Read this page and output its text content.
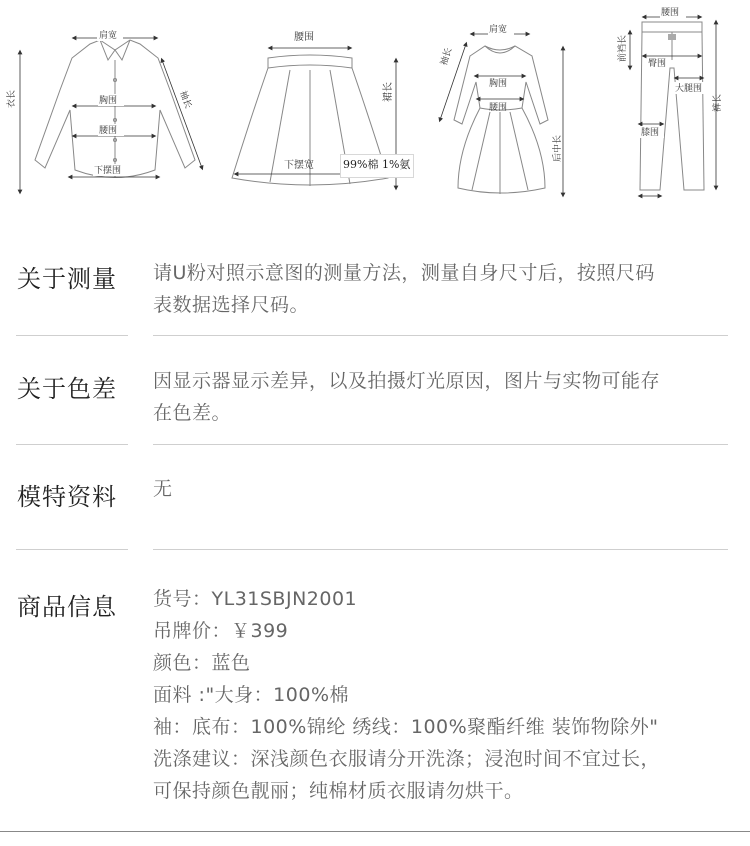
肩宽
胸围
腰围
下摆围
衣长	袖长
腰围
下摆宽
裙长
肩宽
胸围
腰围
袖长
后中长
腰围
前裆长
臀围
大腿围
膝围
裤长
99%棉 1%氨
关于测量 请U粉对照示意图的测量方法，测量自身尺寸后，按照尺码
表数据选择尺码。
关于色差 因显示器显示差异，以及拍摄灯光原因，图片与实物可能存
在色差。
模特资料 无
商品信息 货号：YL31SBJN2001
吊牌价：￥399
颜色：蓝色
面料 :"大身：100%棉
袖：底布：100%锦纶 绣线：100%聚酯纤维 装饰物除外"
洗涤建议：深浅颜色衣服请分开洗涤；浸泡时间不宜过长，
可保持颜色靓丽；纯棉材质衣服请勿烘干。
